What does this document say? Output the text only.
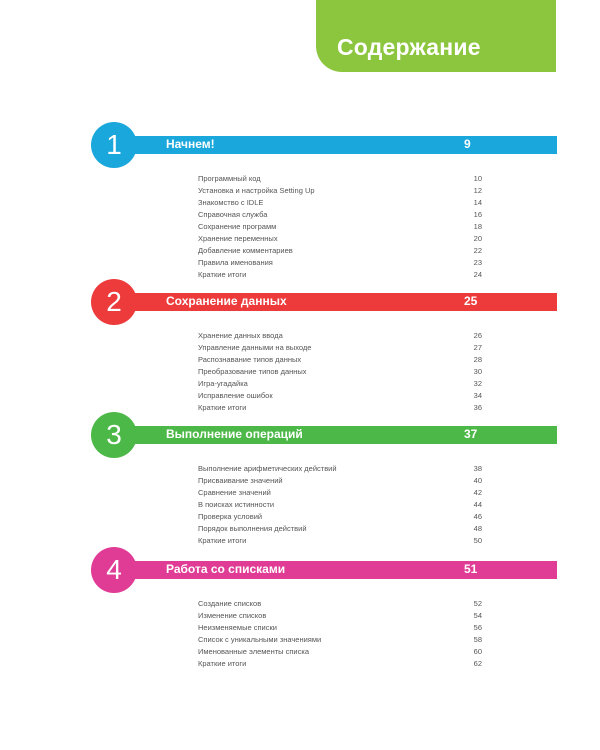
Содержание
Начнем!	9
1
Программный код	10
Установка и настройка Setting Up	12
Знакомство с IDLE	14
Справочная служба	16
Сохранение программ	18
Хранение переменных	20
Добавление комментариев	22
Правила именования	23
Краткие итоги	24
Сохранение данных	25
2
Хранение данных ввода	26
Управление данными на выходе	27
Распознавание типов данных	28
Преобразование типов данных	30
Игра-угадайка	32
Исправление ошибок	34
Краткие итоги	36
Выполнение операций	37
3
Выполнение арифметических действий	38
Присваивание значений	40
Сравнение значений	42
В поисках истинности	44
Проверка условий	46
Порядок выполнения действий	48
Краткие итоги	50
Работа со списками	51
4
Создание списков	52
Изменение списков	54
Неизменяемые списки	56
Список с уникальными значениями	58
Именованные элементы списка	60
Краткие итоги	62
